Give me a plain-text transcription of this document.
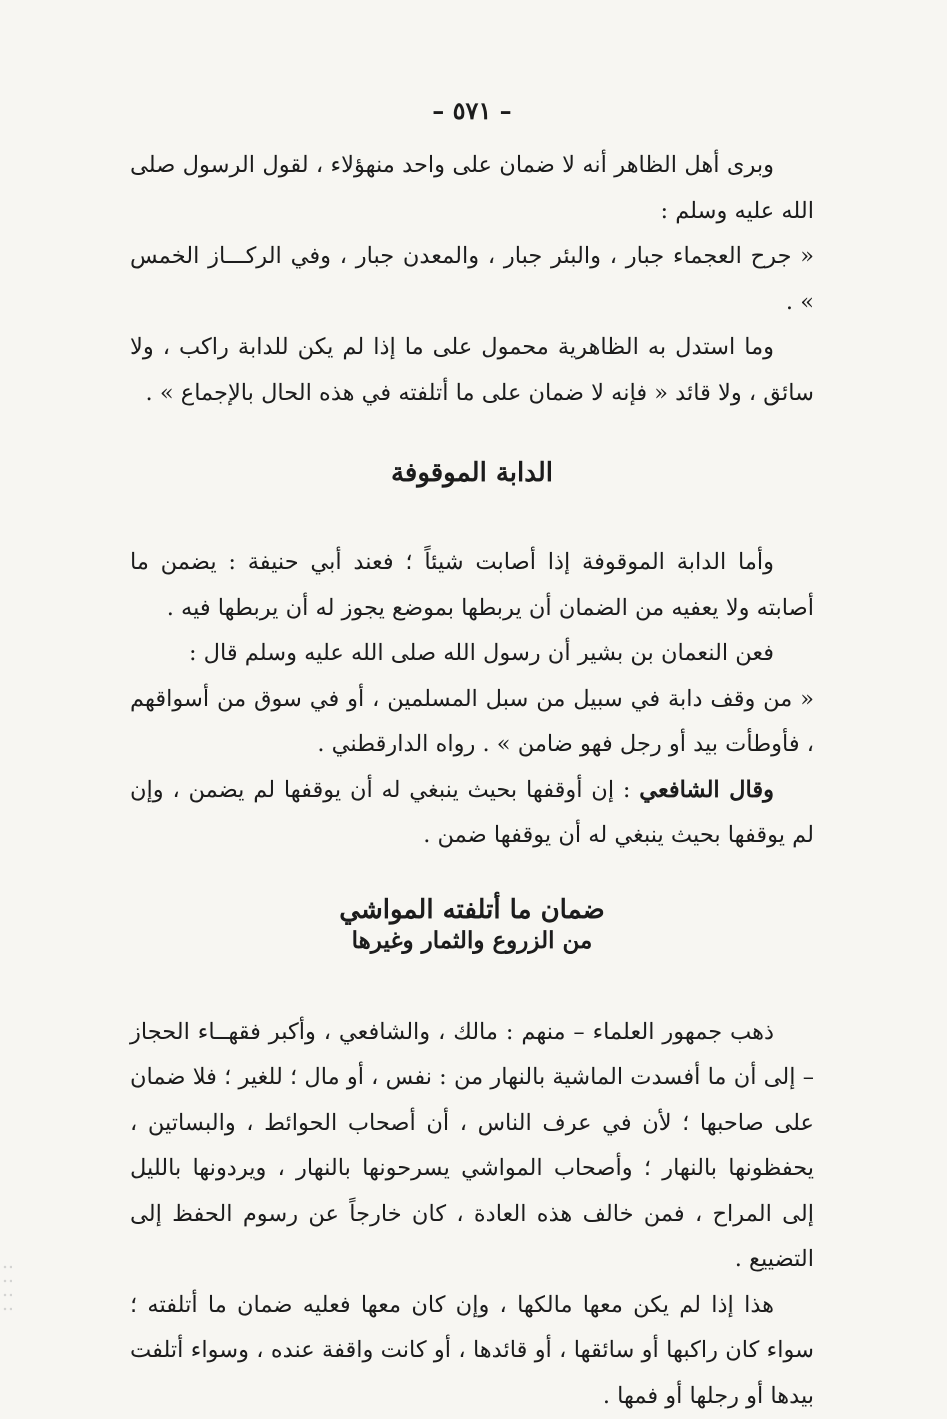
– ٥٧١ –

وبرى أهل الظاهر أنه لا ضمان على واحد منهؤلاء ، لقول الرسول صلى الله عليه وسلم :

« جرح العجماء جبار ، والبئر جبار ، والمعدن جبار ، وفي الركـــاز الخمس » .

وما استدل به الظاهرية محمول على ما إذا لم يكن للدابة راكب ، ولا سائق ، ولا قائد « فإنه لا ضمان على ما أتلفته في هذه الحال بالإجماع » .

الدابة الموقوفة

وأما الدابة الموقوفة إذا أصابت شيئاً ؛ فعند أبي حنيفة : يضمن ما أصابته ولا يعفيه من الضمان أن يربطها بموضع يجوز له أن يربطها فيه .

فعن النعمان بن بشير أن رسول الله صلى الله عليه وسلم قال :

« من وقف دابة في سبيل من سبل المسلمين ، أو في سوق من أسواقهم ، فأوطأت بيد أو رجل فهو ضامن » . رواه الدارقطني .

وقال الشافعي : إن أوقفها بحيث ينبغي له أن يوقفها لم يضمن ، وإن لم يوقفها بحيث ينبغي له أن يوقفها ضمن .

ضمان ما أتلفته المواشي
من الزروع والثمار وغيرها

ذهب جمهور العلماء – منهم : مالك ، والشافعي ، وأكبر فقهــاء الحجاز – إلى أن ما أفسدت الماشية بالنهار من : نفس ، أو مال ؛ للغير ؛ فلا ضمان على صاحبها ؛ لأن في عرف الناس ، أن أصحاب الحوائط ، والبساتين ، يحفظونها بالنهار ؛ وأصحاب المواشي يسرحونها بالنهار ، ويردونها بالليل إلى المراح ، فمن خالف هذه العادة ، كان خارجاً عن رسوم الحفظ إلى التضييع .

هذا إذا لم يكن معها مالكها ، وإن كان معها فعليه ضمان ما أتلفته ؛ سواء كان راكبها أو سائقها ، أو قائدها ، أو كانت واقفة عنده ، وسواء أتلفت بيدها أو رجلها أو فمها .
